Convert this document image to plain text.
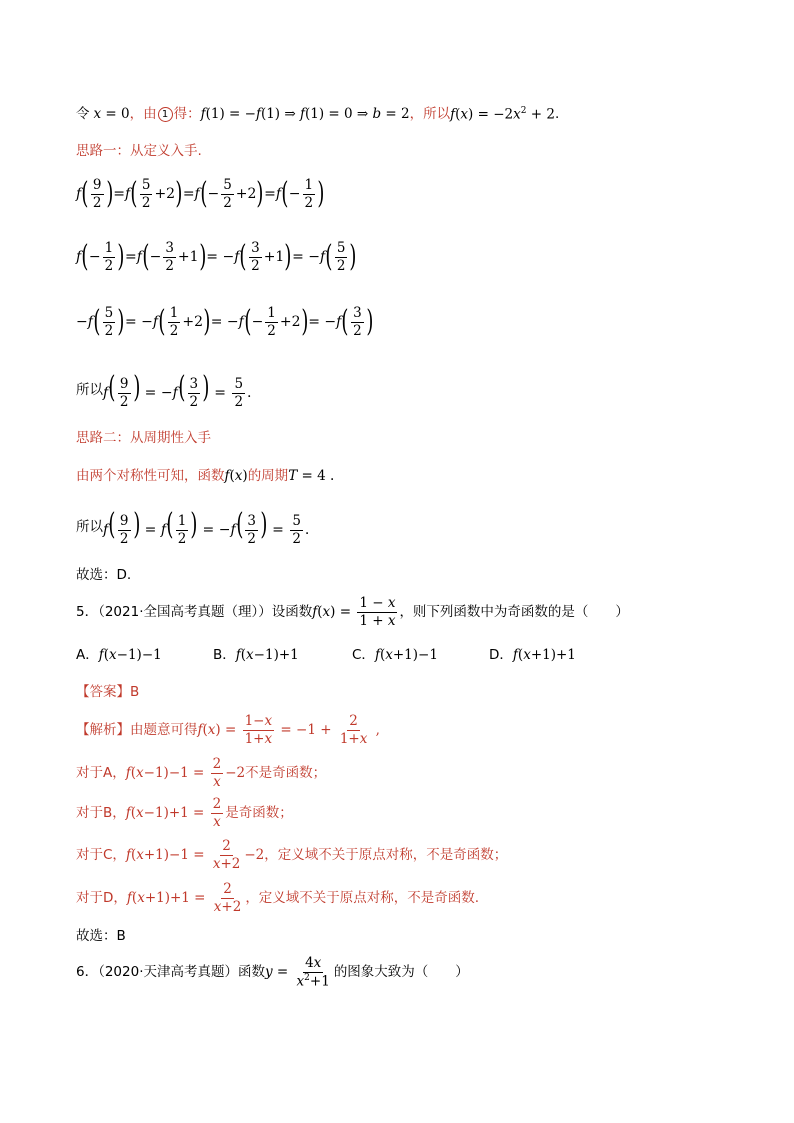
令 x = 0 ，由 1 得： f(1) = −f(1) ⇒ f(1) = 0 ⇒ b = 2 ，所以 $f(x) = -2x^2 + 2$ .
思路一：从定义入手.
f ( $\frac{9}{2}$ ) = f ( $\frac{5}{2} +2$ ) = f ( − $\frac{5}{2} +2$ ) = f ( − $\frac{1}{2}$ )
f ( − $\frac{1}{2}$ ) = f ( − $\frac{3}{2} +1$ ) = − f ( $\frac{3}{2} +1$ ) = − f ( $\frac{5}{2}$ )
− f ( $\frac{5}{2}$ ) = − f ( $\frac{1}{2} +2$ ) = − f ( − $\frac{1}{2} +2$ ) = − f ( $\frac{3}{2}$ )
所以 $f( \frac{9}{2}$ ) = $-f( \frac{3}{2}$ ) = $\frac{5}{2}$ .
思路二：从周期性入手
由两个对称性可知，函数 f(x) 的周期 T = 4 .
所以 $f( \frac{9}{2}$ ) = $f( \frac{1}{2}$ ) = $-f( \frac{3}{2}$ ) = $\frac{5}{2}$ .
故选：D.
5．（2021·全国高考真题（理））设函数 $f(x) = \frac{1 - x}{1 + x}$ ，则下列函数中为奇函数的是（　　）
A． f(x−1)−1	B． f(x−1)+1	C． f(x+1)−1	D． f(x+1)+1
【答案】B
【解析】 由题意可得 $f(x) = \frac{1-x}{1+x} = -1 + \frac{2}{1+x}$ ,
对于A， $f(x-1)-1 = \frac{2}{x} -2$ 不是奇函数；
对于B， $f(x-1)+1 = \frac{2}{x}$ 是奇函数；
对于C， $f(x+1)-1 = \frac{2}{x+2} -2$ ，定义域不关于原点对称，不是奇函数；
对于D， $f(x+1)+1 = \frac{2}{x+2}$ ，定义域不关于原点对称，不是奇函数.
故选：B
6．（2020·天津高考真题）函数 $y = \frac{4x}{x^2+1}$ 的图象大致为（　　）
